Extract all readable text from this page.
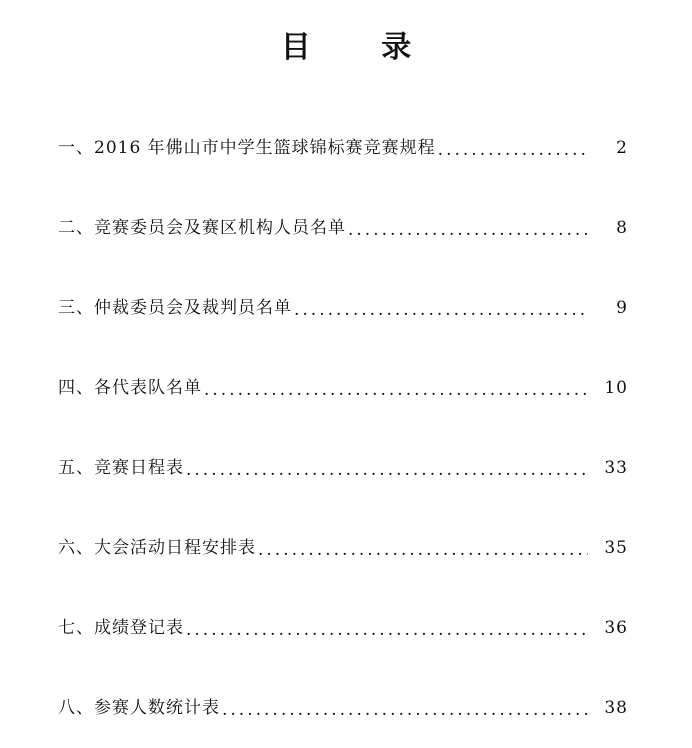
目 录
一、2016 年佛山市中学生篮球锦标赛竞赛规程 .....	2
二、竞赛委员会及赛区机构人员名单 .....	8
三、仲裁委员会及裁判员名单 .....	9
四、各代表队名单 .....	10
五、竞赛日程表 .....	33
六、大会活动日程安排表 .....	35
七、成绩登记表 .....	36
八、参赛人数统计表 .....	38
